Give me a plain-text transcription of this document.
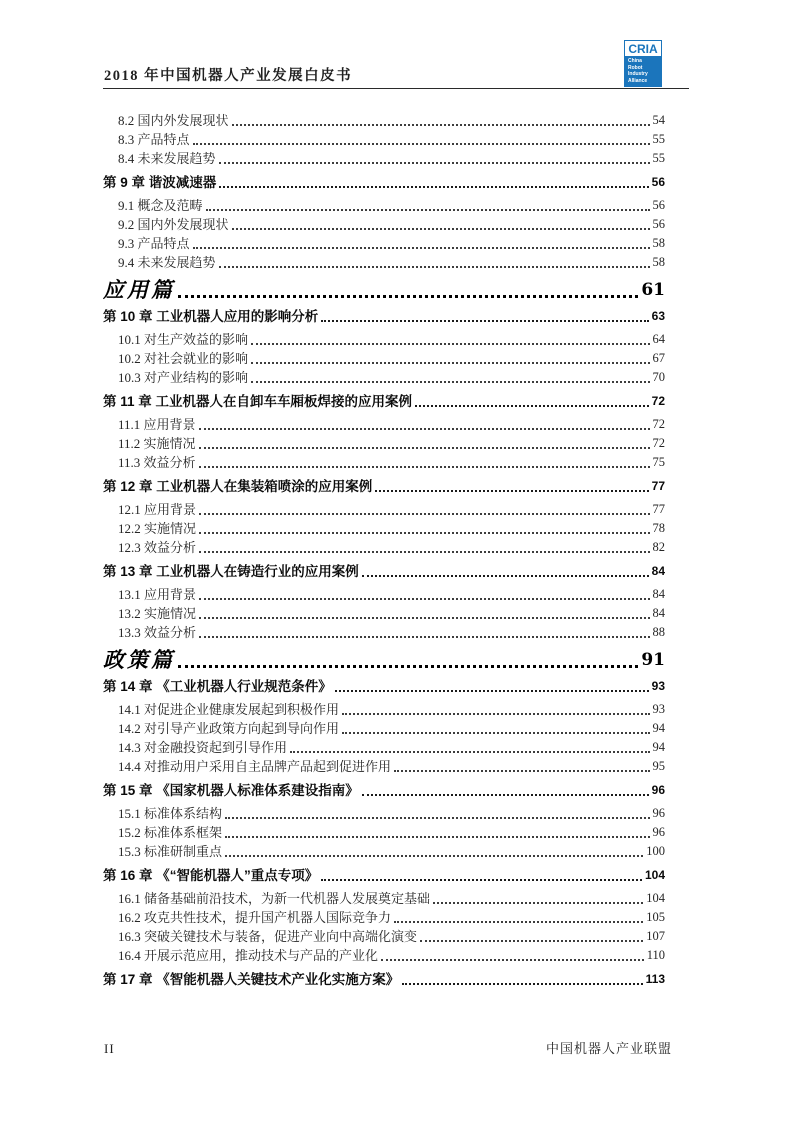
2018 年中国机器人产业发展白皮书
CRIA
China
Robot
Industry
Alliance
8.2 国内外发展现状	54
8.3 产品特点	55
8.4 未来发展趋势	55
第 9 章 谐波减速器	56
9.1 概念及范畴	56
9.2 国内外发展现状	56
9.3 产品特点	58
9.4 未来发展趋势	58
应用篇	61
第 10 章 工业机器人应用的影响分析	63
10.1 对生产效益的影响	64
10.2 对社会就业的影响	67
10.3 对产业结构的影响	70
第 11 章 工业机器人在自卸车车厢板焊接的应用案例	72
11.1 应用背景	72
11.2 实施情况	72
11.3 效益分析	75
第 12 章 工业机器人在集装箱喷涂的应用案例	77
12.1 应用背景	77
12.2 实施情况	78
12.3 效益分析	82
第 13 章 工业机器人在铸造行业的应用案例	84
13.1 应用背景	84
13.2 实施情况	84
13.3 效益分析	88
政策篇	91
第 14 章 《工业机器人行业规范条件》	93
14.1 对促进企业健康发展起到积极作用	93
14.2 对引导产业政策方向起到导向作用	94
14.3 对金融投资起到引导作用	94
14.4 对推动用户采用自主品牌产品起到促进作用	95
第 15 章 《国家机器人标准体系建设指南》	96
15.1 标准体系结构	96
15.2 标准体系框架	96
15.3 标准研制重点	100
第 16 章 《“智能机器人”重点专项》	104
16.1 储备基础前沿技术，为新一代机器人发展奠定基础	104
16.2 攻克共性技术，提升国产机器人国际竞争力	105
16.3 突破关键技术与装备，促进产业向中高端化演变	107
16.4 开展示范应用，推动技术与产品的产业化	110
第 17 章 《智能机器人关键技术产业化实施方案》	113
II	中国机器人产业联盟
